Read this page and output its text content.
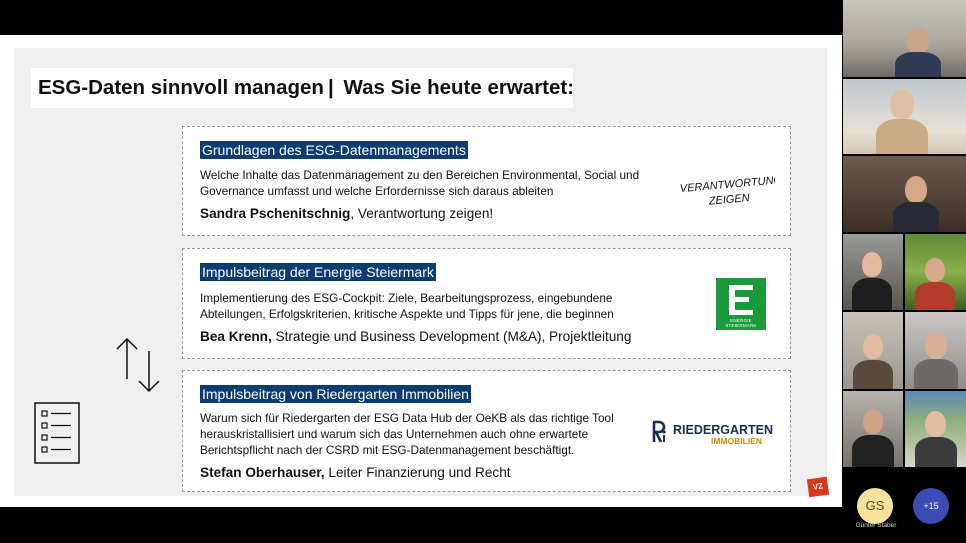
ESG-Daten sinnvoll managen |  Was Sie heute erwartet:
Grundlagen des ESG-Datenmanagements
Welche Inhalte das Datenmanagement zu den Bereichen Environmental, Social und Governance umfasst und welche Erfordernisse sich daraus ableiten
Sandra Pschenitschnig, Verantwortung zeigen!
VERANTWORTUNG
ZEIGEN
Impulsbeitrag der Energie Steiermark
Implementierung des ESG-Cockpit: Ziele, Bearbeitungsprozess, eingebundene Abteilungen, Erfolgskriterien, kritische Aspekte und Tipps für jene, die beginnen
Bea Krenn, Strategie und Business Development (M&A), Projektleitung
ENERGIE STEIERMARK
Impulsbeitrag von Riedergarten Immobilien
Warum sich für Riedergarten der ESG Data Hub der OeKB als das richtige Tool herauskristallisiert und warum sich das Unternehmen auch ohne erwartete Berichtspflicht nach der CSRD mit ESG-Datenmanagement beschäftigt.
Stefan Oberhauser, Leiter Finanzierung und Recht
RIEDERGARTEN
IMMOBILIEN
VZ
GS
Günter Staber
+15
